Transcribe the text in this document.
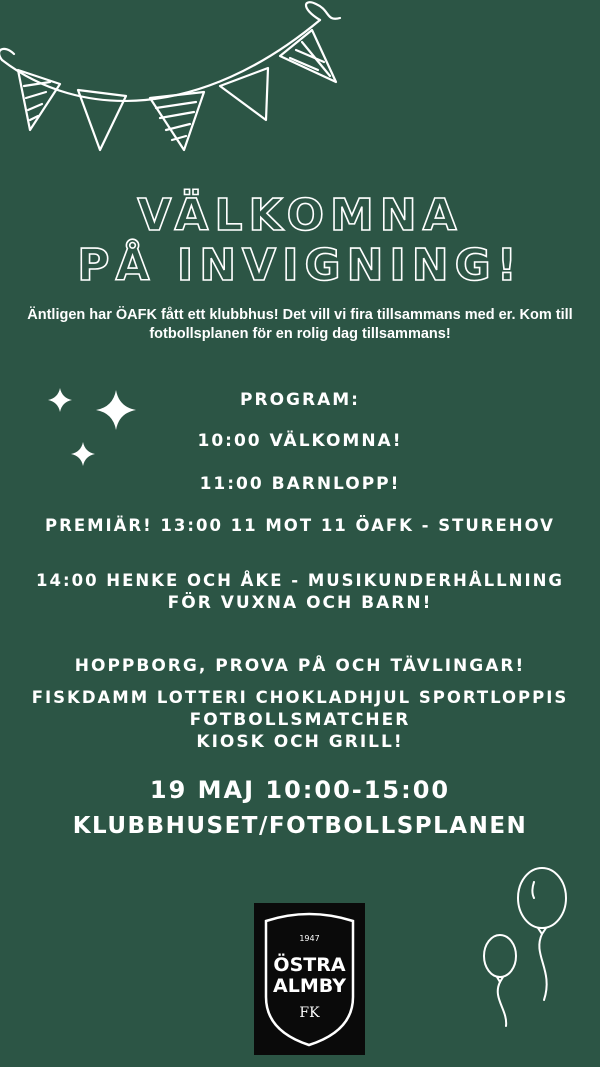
VÄLKOMNA
PÅ INVIGNING!
Äntligen har ÖAFK fått ett klubbhus! Det vill vi fira tillsammans med er. Kom till fotbollsplanen för en rolig dag tillsammans!
PROGRAM:
10:00 VÄLKOMNA!
11:00 BARNLOPP!
PREMIÄR! 13:00 11 MOT 11 ÖAFK - STUREHOV
14:00 HENKE OCH ÅKE - MUSIKUNDERHÅLLNING
FÖR VUXNA OCH BARN!
HOPPBORG, PROVA PÅ OCH TÄVLINGAR!
FISKDAMM LOTTERI CHOKLADHJUL SPORTLOPPIS
FOTBOLLSMATCHER
KIOSK OCH GRILL!
19 MAJ 10:00-15:00
KLUBBHUSET/FOTBOLLSPLANEN
1947
ÖSTRA
ALMBY
FK
